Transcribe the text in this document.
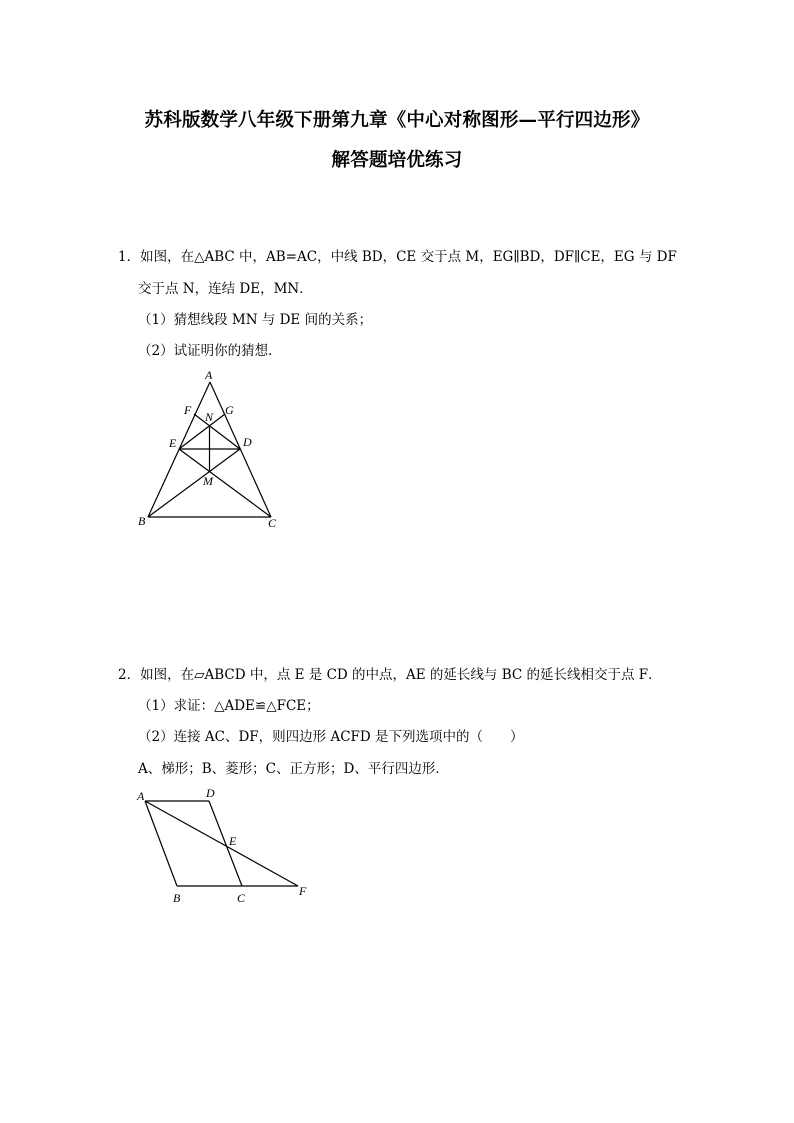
苏科版数学八年级下册第九章《中心对称图形—平行四边形》
解答题培优练习
1．如图，在△ABC 中，AB=AC，中线 BD，CE 交于点 M，EG∥BD，DF∥CE，EG 与 DF
交于点 N，连结 DE，MN．
（1）猜想线段 MN 与 DE 间的关系；
（2）试证明你的猜想．
A
F	G
N
E	D
M
B	C
2．如图，在▱ABCD 中，点 E 是 CD 的中点，AE 的延长线与 BC 的延长线相交于点 F．
（1）求证：△ADE≌△FCE；
（2）连接 AC、DF，则四边形 ACFD 是下列选项中的（　　）
A、梯形；B、菱形；C、正方形；D、平行四边形．
A	D
E
B	C	F
